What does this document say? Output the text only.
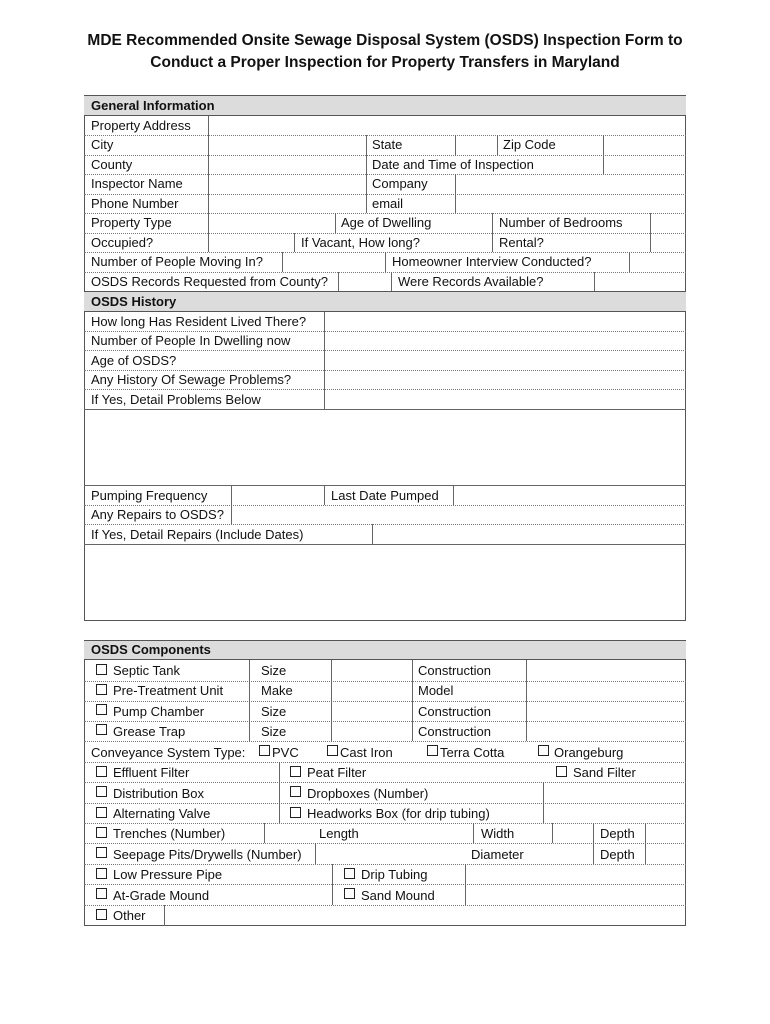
MDE Recommended Onsite Sewage Disposal System (OSDS) Inspection Form to
Conduct a Proper Inspection for Property Transfers in Maryland
General Information
Property Address
City	State	Zip Code
County	Date and Time of Inspection
Inspector Name	Company
Phone Number	email
Property Type	Age of Dwelling	Number of Bedrooms
Occupied?	If Vacant, How long?	Rental?
Number of People Moving In?	Homeowner Interview Conducted?
OSDS Records Requested from County?	Were Records Available?
OSDS History
How long Has Resident Lived There?
Number of People In Dwelling now
Age of OSDS?
Any History Of Sewage Problems?
If Yes, Detail Problems Below
Pumping Frequency	Last Date Pumped
Any Repairs to OSDS?
If Yes, Detail Repairs (Include Dates)
OSDS Components
Septic Tank	Size	Construction
Pre-Treatment Unit	Make	Model
Pump Chamber	Size	Construction
Grease Trap	Size	Construction
Conveyance System Type: PVC	Cast Iron	Terra Cotta	Orangeburg
Effluent Filter	Peat Filter	Sand Filter
Distribution Box	Dropboxes (Number)
Alternating Valve	Headworks Box (for drip tubing)
Trenches (Number)	Length	Width	Depth
Seepage Pits/Drywells (Number)	Diameter	Depth
Low Pressure Pipe	Drip Tubing
At-Grade Mound	Sand Mound
Other
